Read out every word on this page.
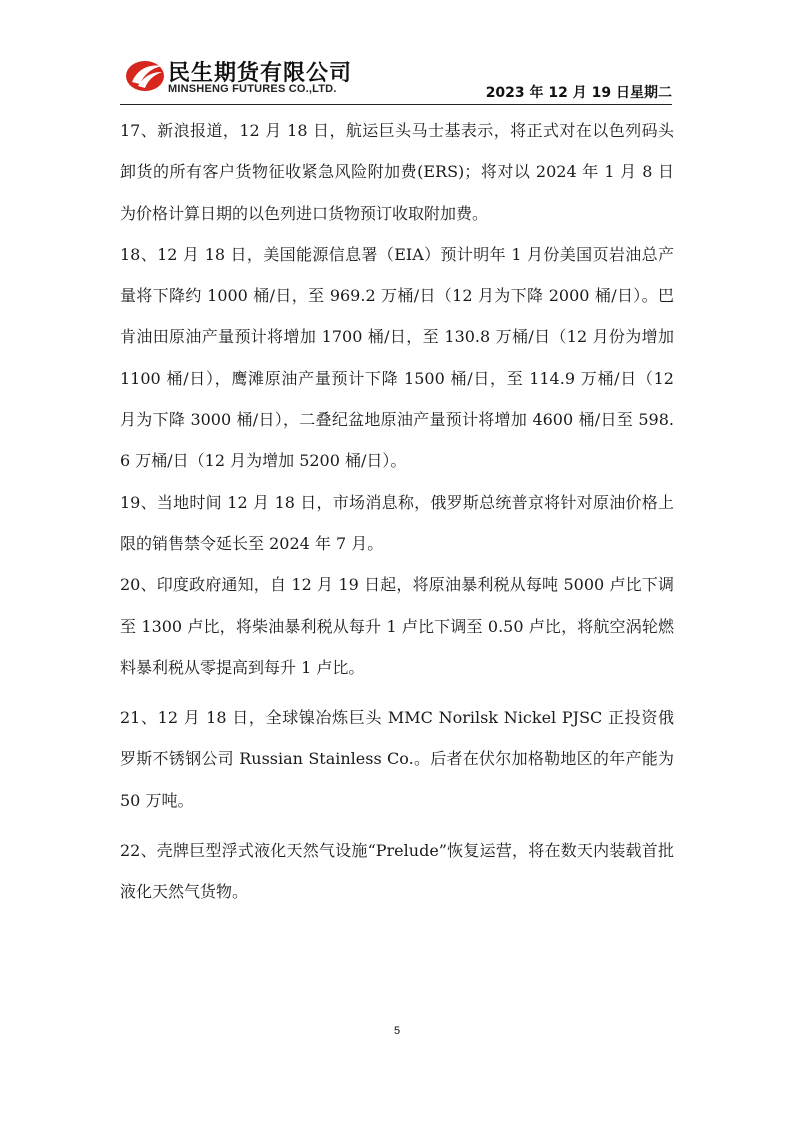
民生期货有限公司
MINSHENG FUTURES CO.,LTD.	2023 年 12 月 19 日星期二

17、新浪报道，12 月 18 日，航运巨头马士基表示，将正式对在以色列码头卸货的所有客户货物征收紧急风险附加费(ERS)；将对以 2024 年 1 月 8 日为价格计算日期的以色列进口货物预订收取附加费。

18、12 月 18 日，美国能源信息署（EIA）预计明年 1 月份美国页岩油总产量将下降约 1000 桶/日，至 969.2 万桶/日（12 月为下降 2000 桶/日）。巴肯油田原油产量预计将增加 1700 桶/日，至 130.8 万桶/日（12 月份为增加 1100 桶/日），鹰滩原油产量预计下降 1500 桶/日，至 114.9 万桶/日（12 月为下降 3000 桶/日），二叠纪盆地原油产量预计将增加 4600 桶/日至 598.6 万桶/日（12 月为增加 5200 桶/日）。

19、当地时间 12 月 18 日，市场消息称，俄罗斯总统普京将针对原油价格上限的销售禁令延长至 2024 年 7 月。

20、印度政府通知，自 12 月 19 日起，将原油暴利税从每吨 5000 卢比下调至 1300 卢比，将柴油暴利税从每升 1 卢比下调至 0.50 卢比，将航空涡轮燃料暴利税从零提高到每升 1 卢比。

21、12 月 18 日，全球镍冶炼巨头 MMC Norilsk Nickel PJSC 正投资俄罗斯不锈钢公司 Russian Stainless Co.。后者在伏尔加格勒地区的年产能为 50 万吨。

22、壳牌巨型浮式液化天然气设施“Prelude”恢复运营，将在数天内装载首批液化天然气货物。

5
